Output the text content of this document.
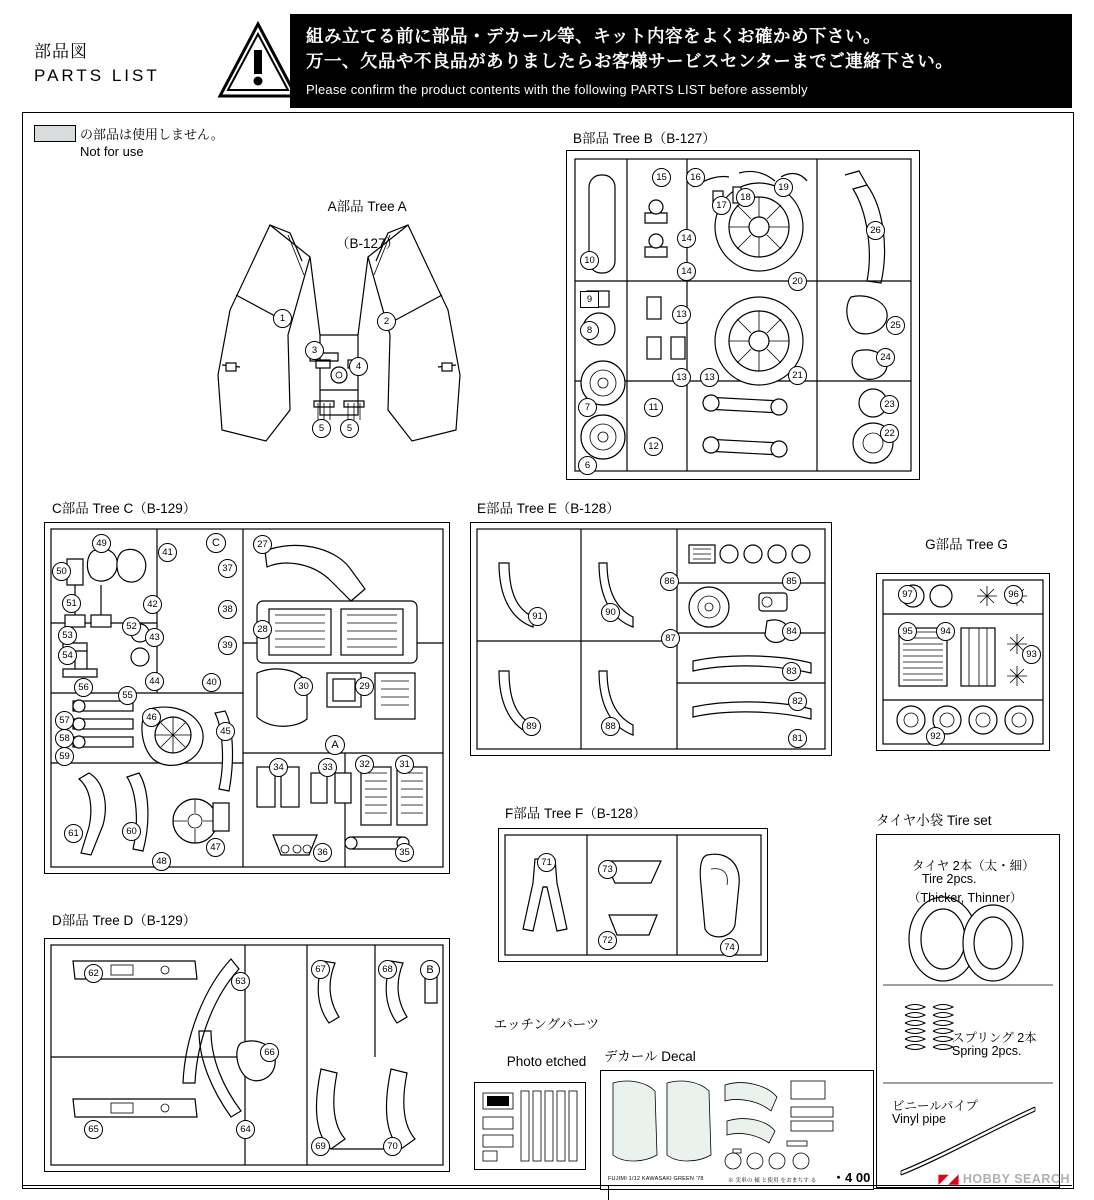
部品図
PARTS LIST
組み立てる前に部品・デカール等、キット内容をよくお確かめ下さい。
万一、欠品や不良品がありましたらお客様サービスセンターまでご連絡下さい。
Please confirm the product contents with the following PARTS LIST before assembly
の部品は使用しません。
Not for use

A部品 Tree A

（B-127）

1	2
3
4
5	5
B部品 Tree B（B-127）
10
9
8
7
6
14
14
13
13	13
15	16
17
18
19
20
21
22
23
24
25
26
11
12
C部品 Tree C（B-129）
50
49
51
53
52
54
56
55
44
42
43
41
40
37
38
39
57
58
59
46
45
61	60
48
47
27
28
30	29
34	33	32	31
36	35
C
A
E部品 Tree E（B-128）
91	90
89	88
86	85
87
84
83
82
81

G部品 Tree G

97	96
95	94
93
92
F部品 Tree F（B-128）
71
73
72
74
D部品 Tree D（B-129）
62
63
67	68
66
65	64
69	70
B

エッチングパーツ

Photo etched

	デカール Decal
FUJIMI 1/12 KAWASAKI GREEN '78	※ 実車の 傾 と使用 をおまちす る ・4 00
タイヤ小袋 Tire set
タイヤ 2本（太・細）
Tire 2pcs.
（Thicker, Thinner）
スプリング 2本
Spring 2pcs.
ビニールパイプ
Vinyl pipe
◤◢ HOBBY SEARCH
